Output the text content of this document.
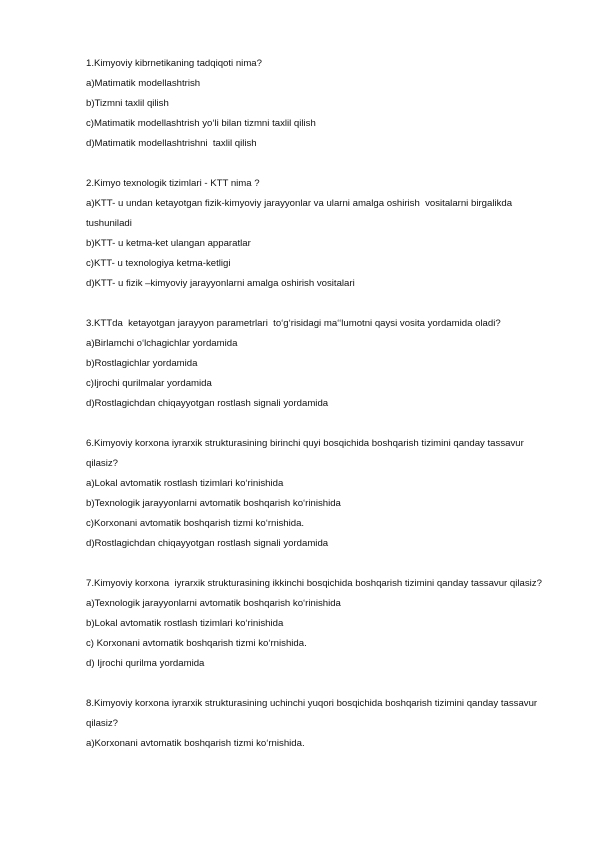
1.Kimyoviy kibrnetikaning tadqiqoti nima?

a)Matimatik modellashtrish

b)Tizmni taxlil qilish

c)Matimatik modellashtrish yo‘li bilan tizmni taxlil qilish

d)Matimatik modellashtrishni  taxlil qilish

2.Kimyo texnologik tizimlari - KTT nima ?

a)KTT- u undan ketayotgan fizik-kimyoviy jarayyonlar va ularni amalga oshirish  vositalarni birgalikda tushuniladi

b)KTT- u ketma-ket ulangan apparatlar

c)KTT- u texnologiya ketma-ketligi

d)KTT- u fizik –kimyoviy jarayyonlarni amalga oshirish vositalari

3.KTTda  ketayotgan jarayyon parametrlari  to‘g‘risidagi ma‘‘lumotni qaysi vosita yordamida oladi?

a)Birlamchi o‘lchagichlar yordamida

b)Rostlagichlar yordamida

c)Ijrochi qurilmalar yordamida

d)Rostlagichdan chiqayyotgan rostlash signali yordamida

6.Kimyoviy korxona iyrarxik strukturasining birinchi quyi bosqichida boshqarish tizimini qanday tassavur qilasiz?

a)Lokal avtomatik rostlash tizimlari ko‘rinishida

b)Texnologik jarayyonlarni avtomatik boshqarish ko‘rinishida

c)Korxonani avtomatik boshqarish tizmi ko‘rnishida.

d)Rostlagichdan chiqayyotgan rostlash signali yordamida

7.Kimyoviy korxona  iyrarxik strukturasining ikkinchi bosqichida boshqarish tizimini qanday tassavur qilasiz?

a)Texnologik jarayyonlarni avtomatik boshqarish ko‘rinishida

b)Lokal avtomatik rostlash tizimlari ko‘rinishida

c) Korxonani avtomatik boshqarish tizmi ko‘rnishida.

d) Ijrochi qurilma yordamida

8.Kimyoviy korxona iyrarxik strukturasining uchinchi yuqori bosqichida boshqarish tizimini qanday tassavur qilasiz?

a)Korxonani avtomatik boshqarish tizmi ko‘rnishida.
